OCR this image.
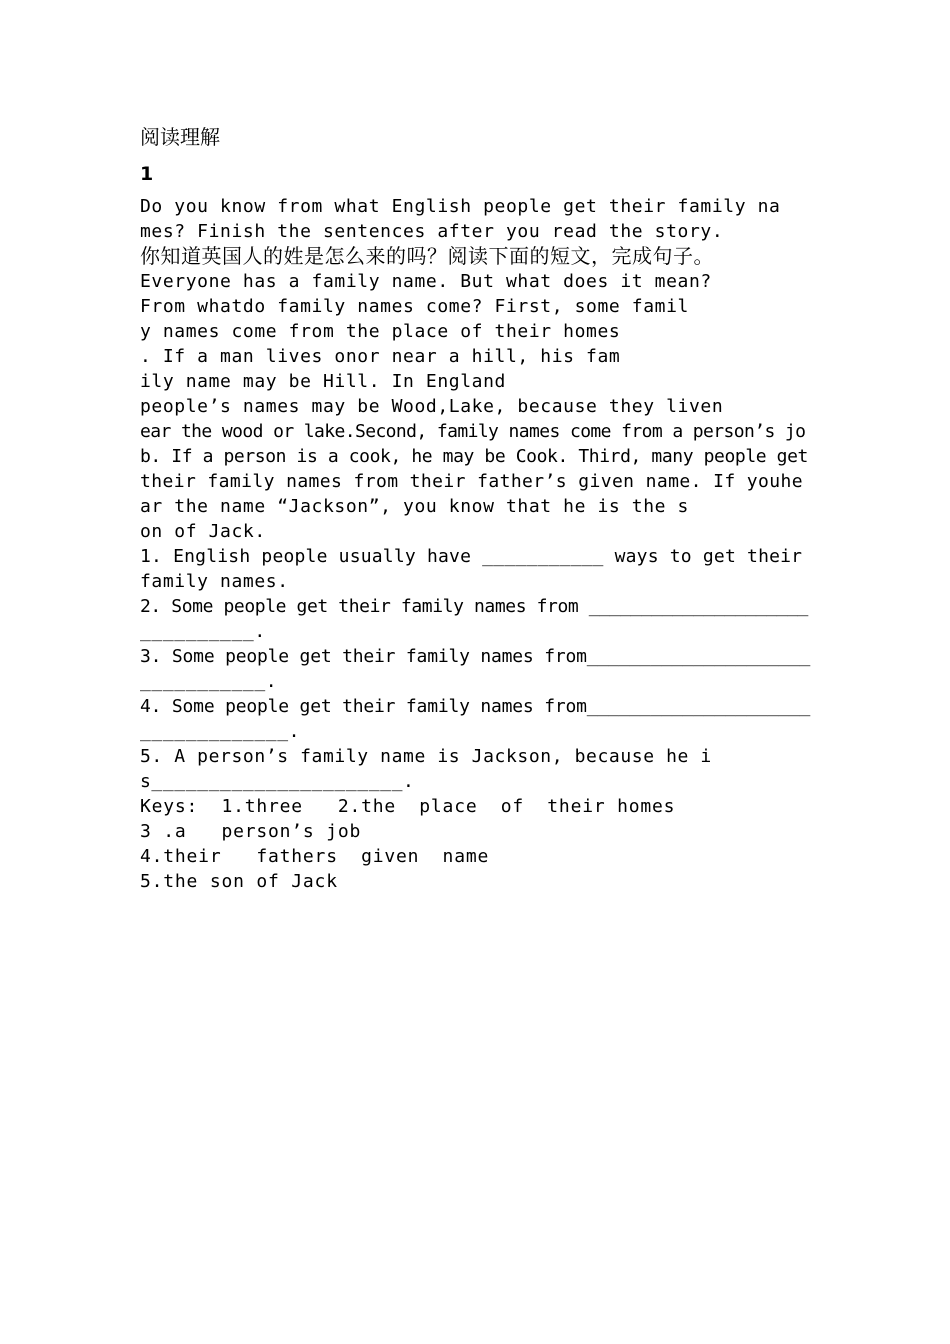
阅读理解
1
Do you know from what English people get their family na
mes? Finish the sentences after you read the story.
你知道英国人的姓是怎么来的吗？阅读下面的短文，完成句子。
Everyone has a family name. But what does it mean?
From whatdo family names come? First, some famil
y names come from the place of their homes
. If a man lives onor near a hill, his fam
ily name may be Hill. In England
people’s names may be Wood,Lake, because they liven
ear the wood or lake.Second, family names come from a person’s jo
b. If a person is a cook, he may be Cook. Third, many people get
their family names from their father’s given name. If youhe
ar the name “Jackson”, you know that he is the s
on of Jack.
1. English people usually have ___________ ways to get their
family names.
2. Some people get their family names from _____________________
__________.
3. Some people get their family names from_____________________
___________.
4. Some people get their family names from_____________________
_____________.
5. A person’s family name is Jackson, because he i
s______________________.
Keys:  1.three   2.the  place  of  their homes
3 .a   person’s job
4.their   fathers  given  name
5.the son of Jack
